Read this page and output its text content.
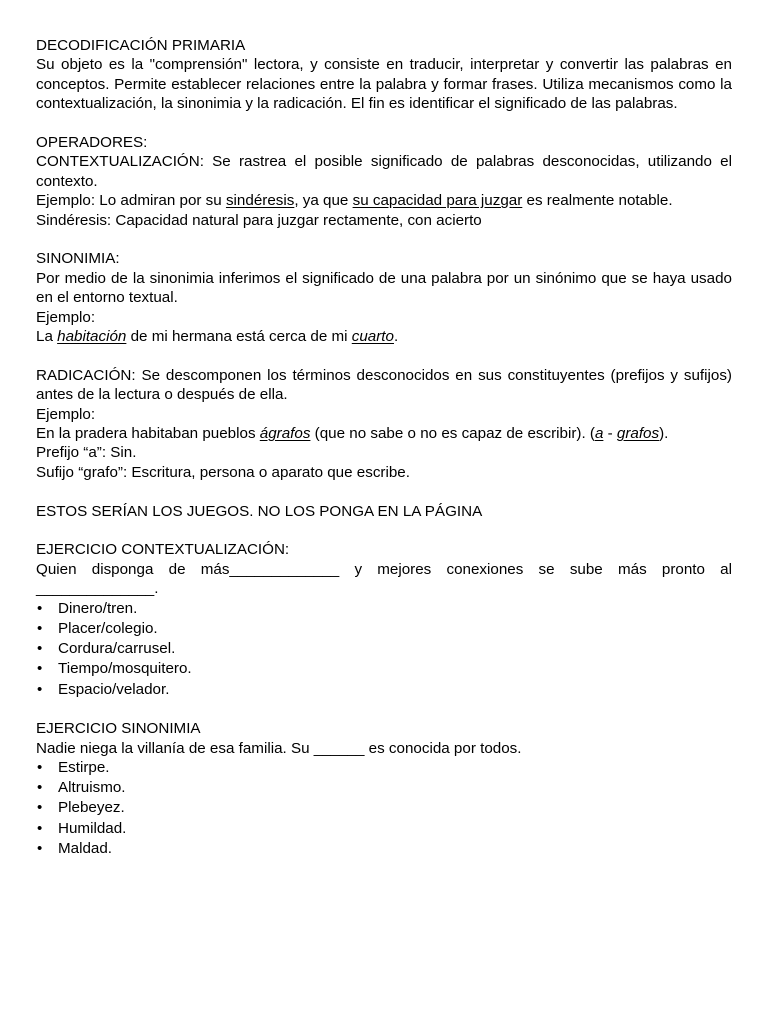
DECODIFICACIÓN PRIMARIA

Su objeto es la "comprensión" lectora, y consiste en traducir, interpretar y convertir las palabras en conceptos. Permite establecer relaciones entre la palabra y formar frases. Utiliza mecanismos como la contextualización, la sinonimia y la radicación. El fin es identificar el significado de las palabras.

OPERADORES:

CONTEXTUALIZACIÓN: Se rastrea el posible significado de palabras desconocidas, utilizando el contexto.

Ejemplo: Lo admiran por su sindéresis, ya que su capacidad para juzgar es realmente notable.

Sindéresis: Capacidad natural para juzgar rectamente, con acierto

SINONIMIA:

Por medio de la sinonimia inferimos el significado de una palabra por un sinónimo que se haya usado en el entorno textual.

Ejemplo:

La habitación de mi hermana está cerca de mi cuarto.

RADICACIÓN: Se descomponen los términos desconocidos en sus constituyentes (prefijos y sufijos) antes de la lectura o después de ella.

Ejemplo:

En la pradera habitaban pueblos ágrafos (que no sabe o no es capaz de escribir). (a - grafos).

Prefijo “a”: Sin.

Sufijo “grafo”: Escritura, persona o aparato que escribe.

ESTOS SERÍAN LOS JUEGOS. NO LOS PONGA EN LA PÁGINA

EJERCICIO CONTEXTUALIZACIÓN:

Quien disponga de más_____________ y mejores conexiones se sube más pronto al ______________.

• Dinero/tren.
• Placer/colegio.
• Cordura/carrusel.
• Tiempo/mosquitero.
• Espacio/velador.

EJERCICIO SINONIMIA

Nadie niega la villanía de esa familia. Su ______ es conocida por todos.

• Estirpe.
• Altruismo.
• Plebeyez.
• Humildad.
• Maldad.
